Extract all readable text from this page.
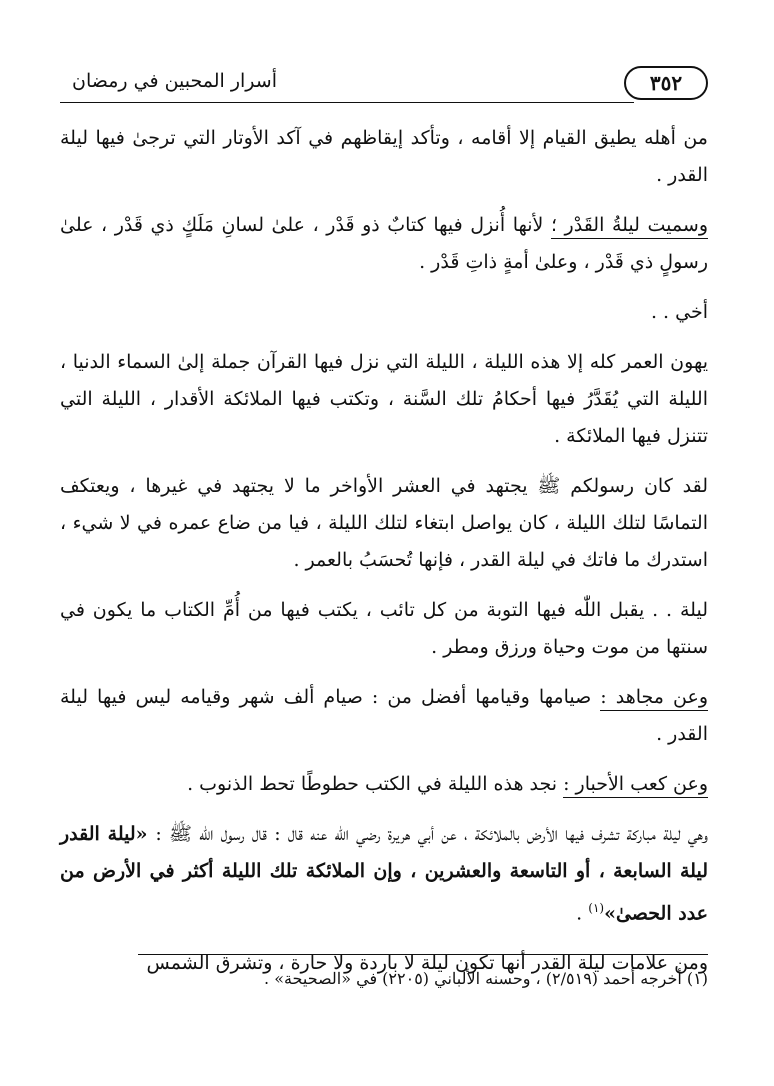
٣٥٢
أسرار المحبين في رمضان

من أهله يطيق القيام إلا أقامه ، وتأكد إيقاظهم في آكد الأوتار التي ترجىٰ فيها ليلة القدر .

وسميت ليلةُ القَدْر ؛ لأنها أُنزل فيها كتابٌ ذو قَدْر ، علىٰ لسانِ مَلَكٍ ذي قَدْر ، علىٰ رسولٍ ذي قَدْر ، وعلىٰ أمةٍ ذاتِ قَدْر .

أخي . .

يهون العمر كله إلا هذه الليلة ، الليلة التي نزل فيها القرآن جملة إلىٰ السماء الدنيا ، الليلة التي يُقَدَّرُ فيها أحكامُ تلك السَّنة ، وتكتب فيها الملائكة الأقدار ، الليلة التي تتنزل فيها الملائكة .

لقد كان رسولكم ﷺ يجتهد في العشر الأواخر ما لا يجتهد في غيرها ، ويعتكف التماسًا لتلك الليلة ، كان يواصل ابتغاء لتلك الليلة ، فيا من ضاع عمره في لا شيء ، استدرك ما فاتك في ليلة القدر ، فإنها تُحسَبُ بالعمر .

ليلة . . يقبل اللّٰه فيها التوبة من كل تائب ، يكتب فيها من أُمِّ الكتاب ما يكون في سنتها من موت وحياة ورزق ومطر .

وعن مجاهد : صيامها وقيامها أفضل من : صيام ألف شهر وقيامه ليس فيها ليلة القدر .

وعن كعب الأحبار : نجد هذه الليلة في الكتب حطوطًا تحط الذنوب .

وهي ليلة مباركة تشرف فيها الأرض بالملائكة ، عن أبي هريرة رضي الله عنه قال : قال رسول اللّٰه ﷺ : «ليلة القدر ليلة السابعة ، أو التاسعة والعشرين ، وإن الملائكة تلك الليلة أكثر في الأرض من عدد الحصىٰ»$^{(١)}$ .

ومن علامات ليلة القدر أنها تكون ليلة لا باردة ولا حارة ، وتشرق الشمس

(١) أخرجه أحمد (٢/٥١٩) ، وحسنه الألباني (٢٢٠٥) في «الصحيحة» .
